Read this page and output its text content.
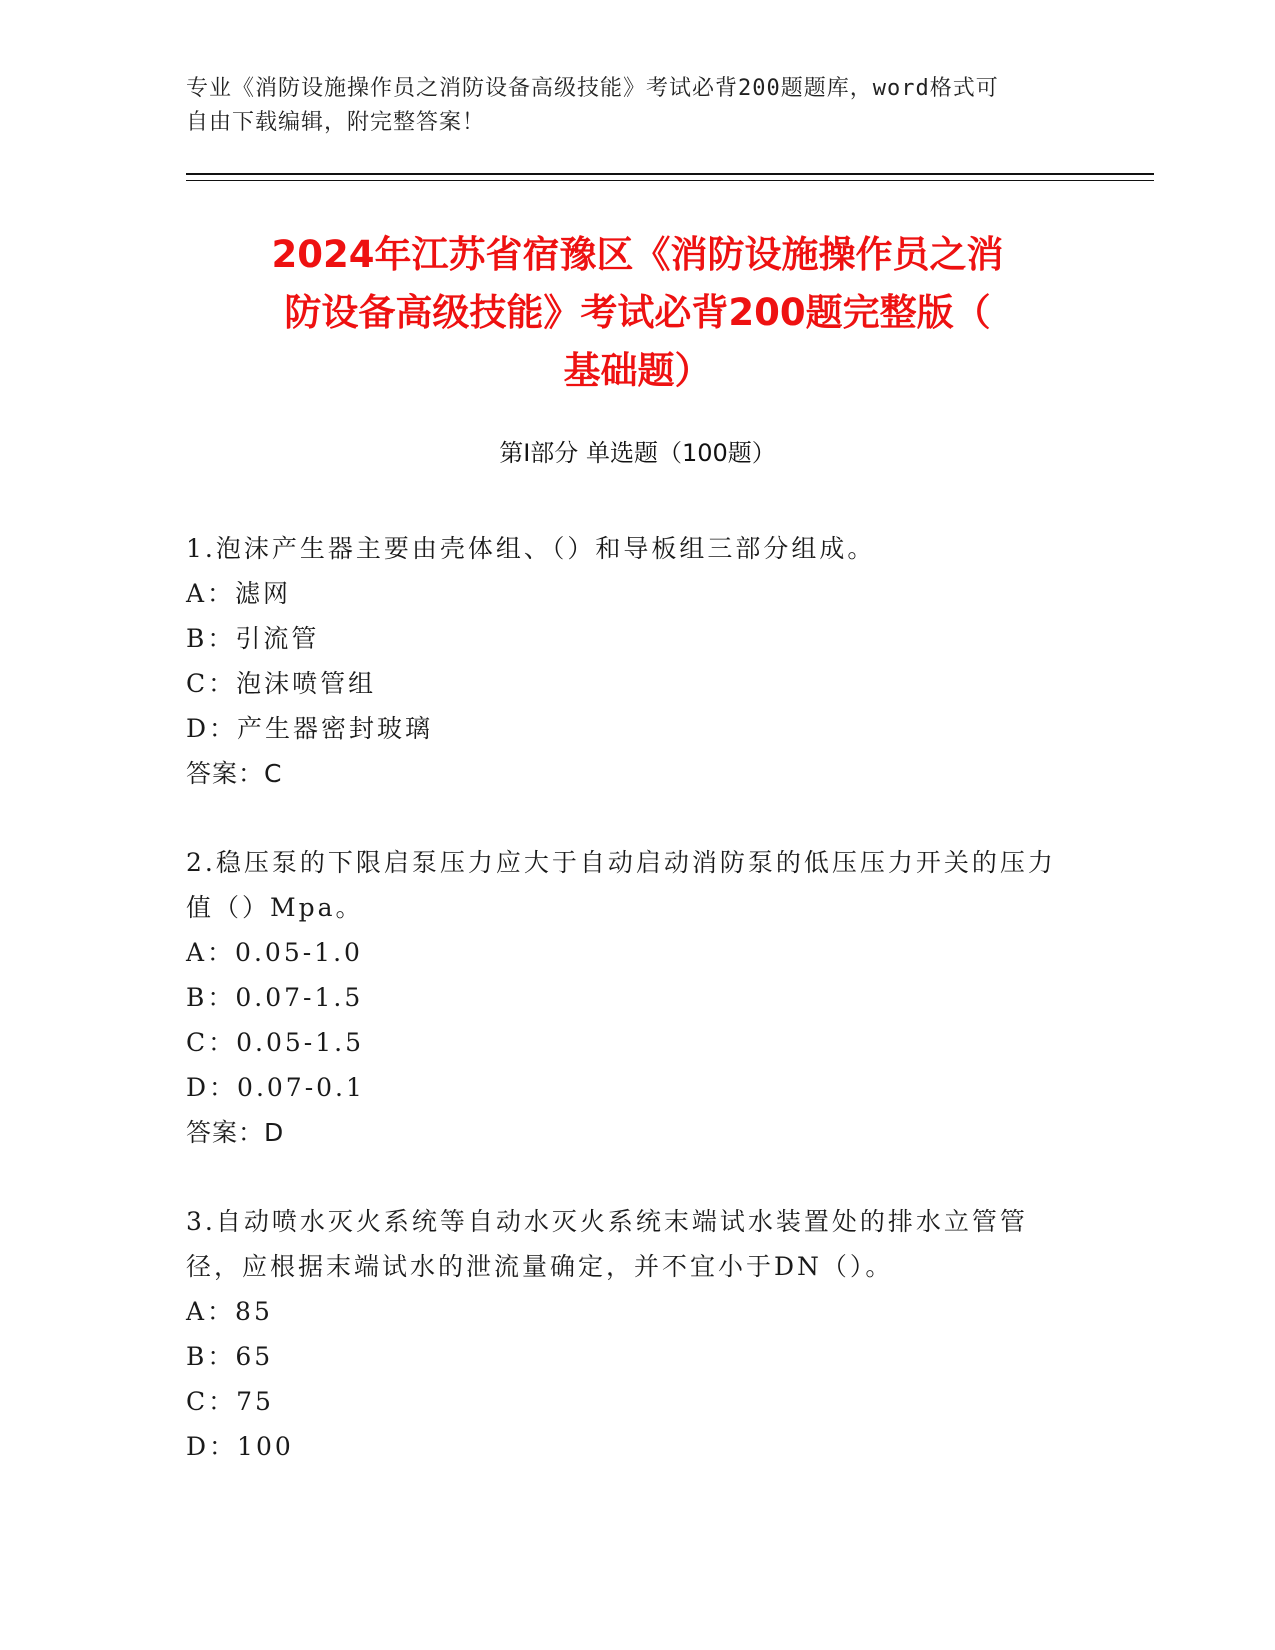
专业《消防设施操作员之消防设备高级技能》考试必背200题题库，word格式可
自由下载编辑，附完整答案！
2024年江苏省宿豫区《消防设施操作员之消
防设备高级技能》考试必背200题完整版（
基础题）
第I部分 单选题（100题）
1.泡沫产生器主要由壳体组、（）和导板组三部分组成。
A：滤网
B：引流管
C：泡沫喷管组
D：产生器密封玻璃
答案：C
2.稳压泵的下限启泵压力应大于自动启动消防泵的低压压力开关的压力值（）Mpa。
A：0.05-1.0
B：0.07-1.5
C：0.05-1.5
D：0.07-0.1
答案：D
3.自动喷水灭火系统等自动水灭火系统末端试水装置处的排水立管管径，应根据末端试水的泄流量确定，并不宜小于DN（）。
A：85
B：65
C：75
D：100
